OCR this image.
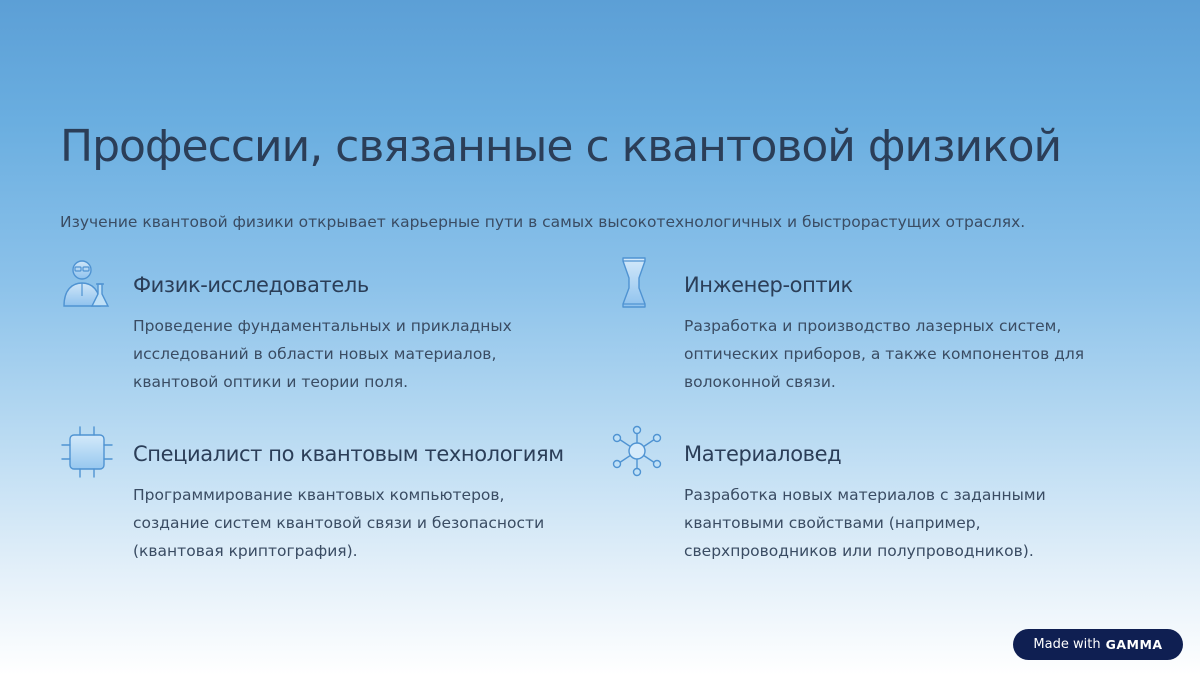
Профессии, связанные с квантовой физикой

Изучение квантовой физики открывает карьерные пути в самых высокотехнологичных и быстрорастущих отраслях.

Физик-исследователь

Проведение фундаментальных и прикладных исследований в области новых материалов, квантовой оптики и теории поля.

Инженер-оптик

Разработка и производство лазерных систем, оптических приборов, а также компонентов для волоконной связи.

Специалист по квантовым технологиям

Программирование квантовых компьютеров, создание систем квантовой связи и безопасности (квантовая криптография).

Материаловед

Разработка новых материалов с заданными квантовыми свойствами (например, сверхпроводников или полупроводников).

Made with GAMMA
